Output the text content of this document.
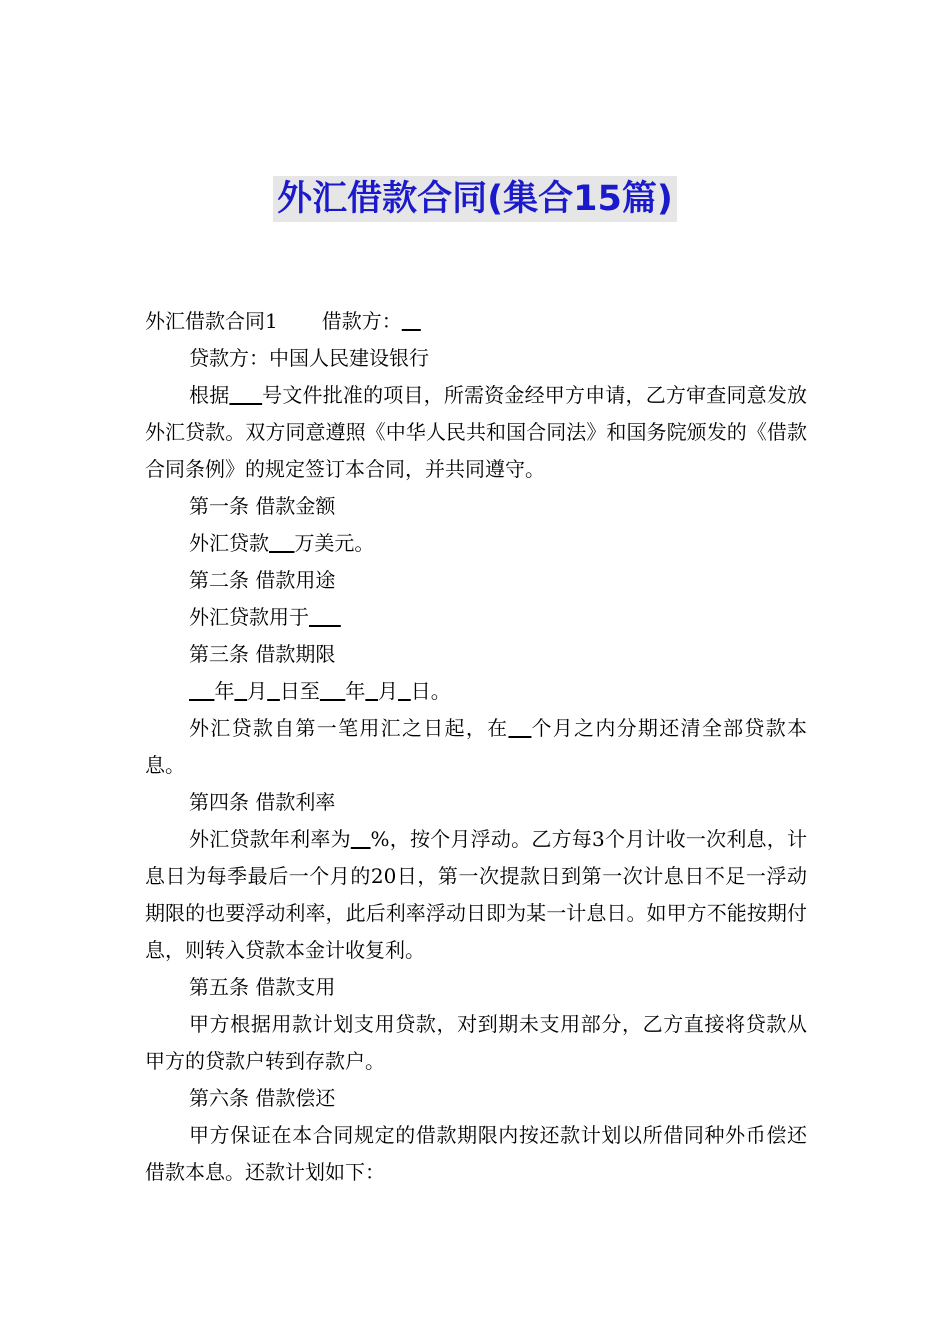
外汇借款合同(集合15篇)

外汇借款合同1 借款方：

贷款方：中国人民建设银行

根据 号文件批准的项目，所需资金经甲方申请，乙方审查同意发放外汇贷款。双方同意遵照《中华人民共和国合同法》和国务院颁发的《借款合同条例》的规定签订本合同，并共同遵守。

第一条 借款金额

外汇贷款 万美元。

第二条 借款用途

外汇贷款用于

第三条 借款期限

年 月 日至 年 月 日。

外汇贷款自第一笔用汇之日起，在 个月之内分期还清全部贷款本息。

第四条 借款利率

外汇贷款年利率为 %，按个月浮动。乙方每3个月计收一次利息，计息日为每季最后一个月的20日，第一次提款日到第一次计息日不足一浮动期限的也要浮动利率，此后利率浮动日即为某一计息日。如甲方不能按期付息，则转入贷款本金计收复利。

第五条 借款支用

甲方根据用款计划支用贷款，对到期未支用部分，乙方直接将贷款从甲方的贷款户转到存款户。

第六条 借款偿还

甲方保证在本合同规定的借款期限内按还款计划以所借同种外币偿还借款本息。还款计划如下：
